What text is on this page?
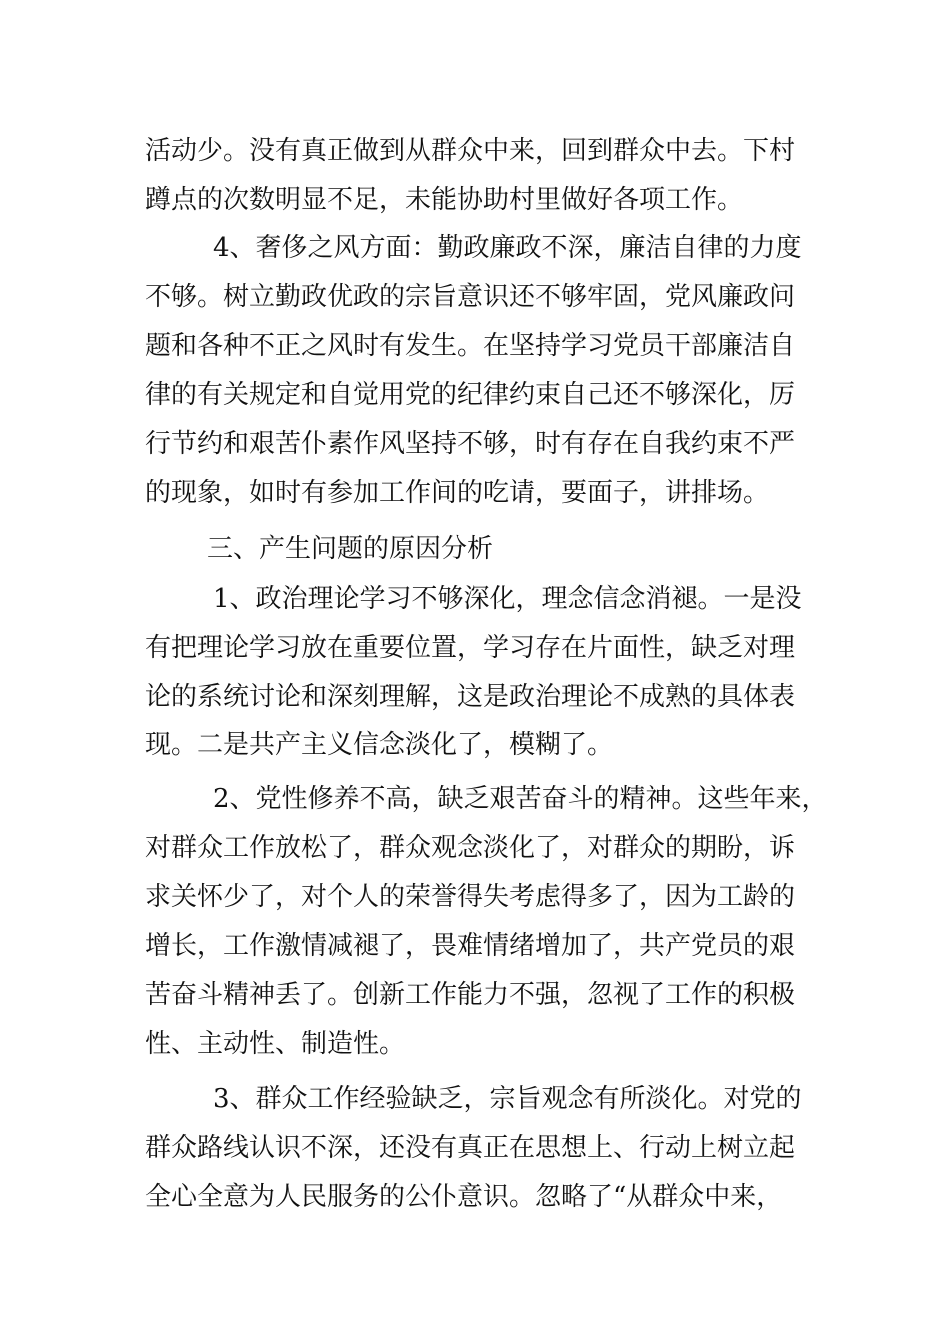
活动少。没有真正做到从群众中来，回到群众中去。下村
蹲点的次数明显不足，未能协助村里做好各项工作。
4、奢侈之风方面：勤政廉政不深，廉洁自律的力度
不够。树立勤政优政的宗旨意识还不够牢固，党风廉政问
题和各种不正之风时有发生。在坚持学习党员干部廉洁自
律的有关规定和自觉用党的纪律约束自己还不够深化，厉
行节约和艰苦仆素作风坚持不够，时有存在自我约束不严
的现象，如时有参加工作间的吃请，要面子，讲排场。
三、产生问题的原因分析
1、政治理论学习不够深化，理念信念消褪。一是没
有把理论学习放在重要位置，学习存在片面性，缺乏对理
论的系统讨论和深刻理解，这是政治理论不成熟的具体表
现。二是共产主义信念淡化了，模糊了。
2、党性修养不高，缺乏艰苦奋斗的精神。这些年来，
对群众工作放松了，群众观念淡化了，对群众的期盼，诉
求关怀少了，对个人的荣誉得失考虑得多了，因为工龄的
增长，工作激情减褪了，畏难情绪增加了，共产党员的艰
苦奋斗精神丢了。创新工作能力不强，忽视了工作的积极
性、主动性、制造性。
3、群众工作经验缺乏，宗旨观念有所淡化。对党的
群众路线认识不深，还没有真正在思想上、行动上树立起
全心全意为人民服务的公仆意识。忽略了“从群众中来，
